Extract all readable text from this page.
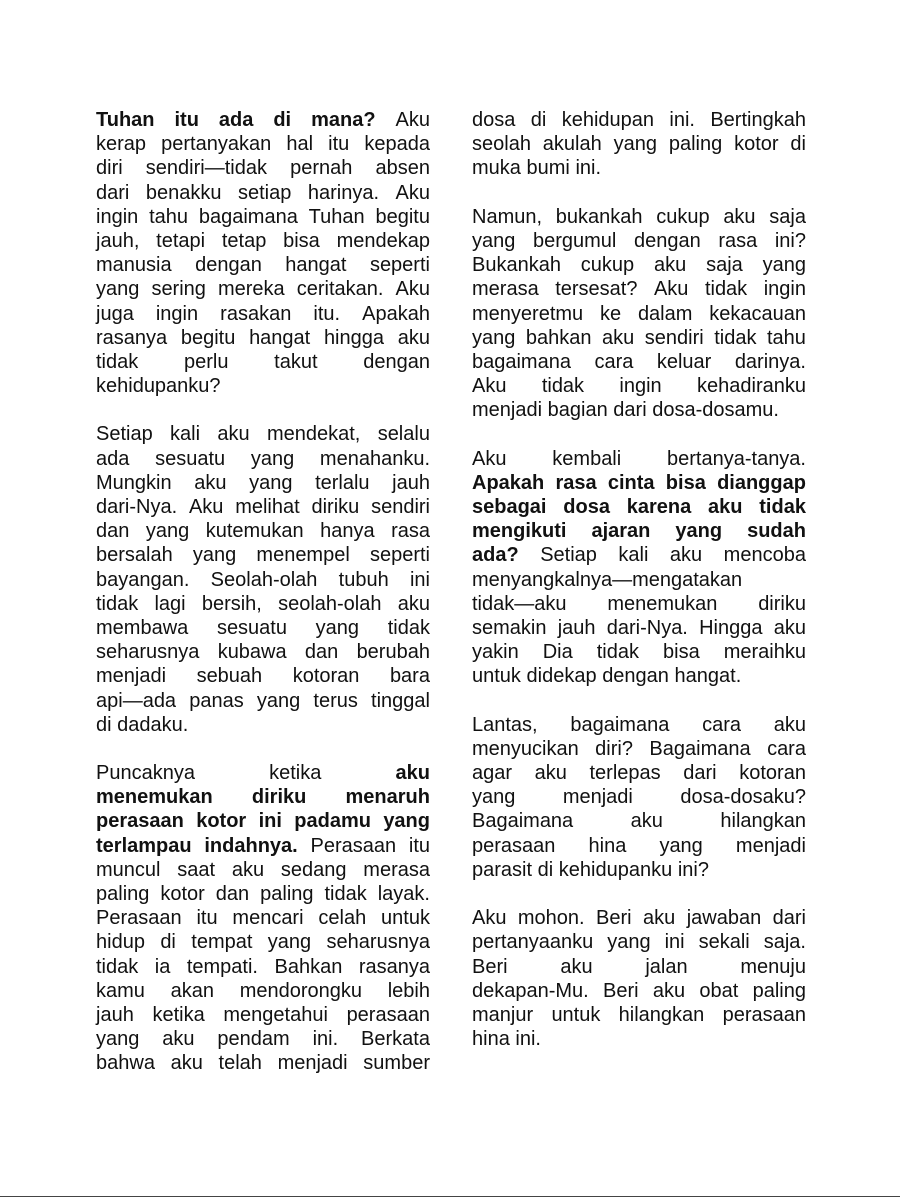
Tuhan itu ada di mana? Aku
kerap pertanyakan hal itu kepada
diri sendiri—tidak pernah absen
dari benakku setiap harinya. Aku
ingin tahu bagaimana Tuhan begitu
jauh, tetapi tetap bisa mendekap
manusia dengan hangat seperti
yang sering mereka ceritakan. Aku
juga ingin rasakan itu. Apakah
rasanya begitu hangat hingga aku
tidak perlu takut dengan
kehidupanku?
Setiap kali aku mendekat, selalu
ada sesuatu yang menahanku.
Mungkin aku yang terlalu jauh
dari-Nya. Aku melihat diriku sendiri
dan yang kutemukan hanya rasa
bersalah yang menempel seperti
bayangan. Seolah-olah tubuh ini
tidak lagi bersih, seolah-olah aku
membawa sesuatu yang tidak
seharusnya kubawa dan berubah
menjadi sebuah kotoran bara
api—ada panas yang terus tinggal
di dadaku.
Puncaknya	ketika	aku
menemukan diriku menaruh
perasaan kotor ini padamu yang
terlampau indahnya. Perasaan itu
muncul saat aku sedang merasa
paling kotor dan paling tidak layak.
Perasaan itu mencari celah untuk
hidup di tempat yang seharusnya
tidak ia tempati. Bahkan rasanya
kamu akan mendorongku lebih
jauh ketika mengetahui perasaan
yang aku pendam ini. Berkata
bahwa aku telah menjadi sumber
dosa di kehidupan ini. Bertingkah
seolah akulah yang paling kotor di
muka bumi ini.
Namun, bukankah cukup aku saja
yang bergumul dengan rasa ini?
Bukankah cukup aku saja yang
merasa tersesat? Aku tidak ingin
menyeretmu ke dalam kekacauan
yang bahkan aku sendiri tidak tahu
bagaimana cara keluar darinya.
Aku tidak ingin kehadiranku
menjadi bagian dari dosa-dosamu.
Aku kembali bertanya-tanya.
Apakah rasa cinta bisa dianggap
sebagai dosa karena aku tidak
mengikuti ajaran yang sudah
ada? Setiap kali aku mencoba
menyangkalnya—mengatakan
tidak—aku menemukan diriku
semakin jauh dari-Nya. Hingga aku
yakin Dia tidak bisa meraihku
untuk didekap dengan hangat.
Lantas, bagaimana cara aku
menyucikan diri? Bagaimana cara
agar aku terlepas dari kotoran
yang menjadi dosa-dosaku?
Bagaimana	aku	hilangkan
perasaan hina yang menjadi
parasit di kehidupanku ini?
Aku mohon. Beri aku jawaban dari
pertanyaanku yang ini sekali saja.
Beri	aku	jalan	menuju
dekapan-Mu. Beri aku obat paling
manjur untuk hilangkan perasaan
hina ini.
